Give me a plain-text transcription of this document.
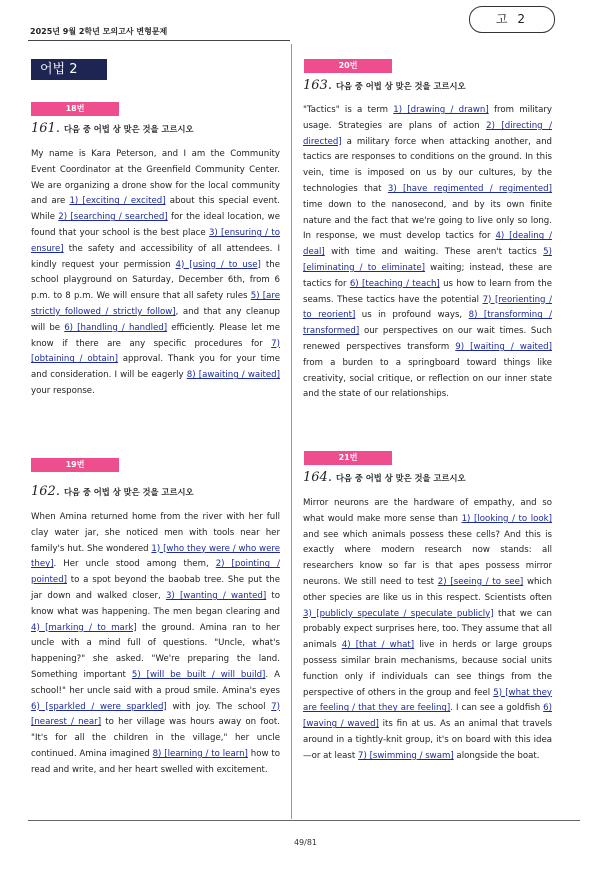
2025년 9월 2학년 모의고사 변형문제
고 2
어법 2
18번
161. 다음 중 어법 상 맞은 것을 고르시오
My name is Kara Peterson, and I am the Community Event Coordinator at the Greenfield Community Center. We are organizing a drone show for the local community and are 1) [exciting / excited] about this special event. While 2) [searching / searched] for the ideal location, we found that your school is the best place 3) [ensuring / to ensure] the safety and accessibility of all attendees. I kindly request your permission 4) [using / to use] the school playground on Saturday, December 6th, from 6 p.m. to 8 p.m. We will ensure that all safety rules 5) [are strictly followed / strictly follow], and that any cleanup will be 6) [handling / handled] efficiently. Please let me know if there are any specific procedures for 7) [obtaining / obtain] approval. Thank you for your time and consideration. I will be eagerly 8) [awaiting / waited] your response.
19번
162. 다음 중 어법 상 맞은 것을 고르시오
When Amina returned home from the river with her full clay water jar, she noticed men with tools near her family's hut. She wondered 1) [who they were / who were they]. Her uncle stood among them, 2) [pointing / pointed] to a spot beyond the baobab tree. She put the jar down and walked closer, 3) [wanting / wanted] to know what was happening. The men began clearing and 4) [marking / to mark] the ground. Amina ran to her uncle with a mind full of questions. "Uncle, what's happening?" she asked. "We're preparing the land. Something important 5) [will be built / will build]. A school!" her uncle said with a proud smile. Amina's eyes 6) [sparkled / were sparkled] with joy. The school 7) [nearest / near] to her village was hours away on foot. "It's for all the children in the village," her uncle continued. Amina imagined 8) [learning / to learn] how to read and write, and her heart swelled with excitement.
20번
163. 다음 중 어법 상 맞은 것을 고르시오
"Tactics" is a term 1) [drawing / drawn] from military usage. Strategies are plans of action 2) [directing / directed] a military force when attacking another, and tactics are responses to conditions on the ground. In this vein, time is imposed on us by our cultures, by the technologies that 3) [have regimented / regimented] time down to the nanosecond, and by its own finite nature and the fact that we're going to live only so long. In response, we must develop tactics for 4) [dealing / deal] with time and waiting. These aren't tactics 5) [eliminating / to eliminate] waiting; instead, these are tactics for 6) [teaching / teach] us how to learn from the seams. These tactics have the potential 7) [reorienting / to reorient] us in profound ways, 8) [transforming / transformed] our perspectives on our wait times. Such renewed perspectives transform 9) [waiting / waited] from a burden to a springboard toward things like creativity, social critique, or reflection on our inner state and the state of our relationships.
21번
164. 다음 중 어법 상 맞은 것을 고르시오
Mirror neurons are the hardware of empathy, and so what would make more sense than 1) [looking / to look] and see which animals possess these cells? And this is exactly where modern research now stands: all researchers know so far is that apes possess mirror neurons. We still need to test 2) [seeing / to see] which other species are like us in this respect. Scientists often 3) [publicly speculate / speculate publicly] that we can probably expect surprises here, too. They assume that all animals 4) [that / what] live in herds or large groups possess similar brain mechanisms, because social units function only if individuals can see things from the perspective of others in the group and feel 5) [what they are feeling / that they are feeling]. I can see a goldfish 6) [waving / waved] its fin at us. As an animal that travels around in a tightly-knit group, it's on board with this idea—or at least 7) [swimming / swam] alongside the boat.
49/81
